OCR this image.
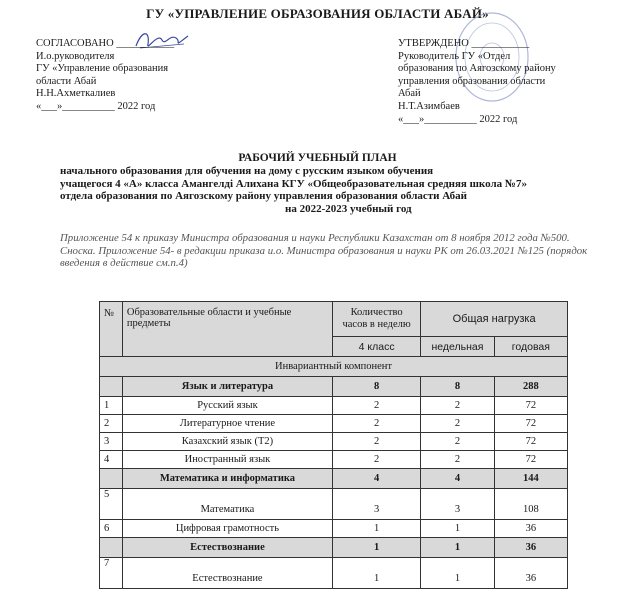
ГУ «УПРАВЛЕНИЕ ОБРАЗОВАНИЯ ОБЛАСТИ АБАЙ»
СОГЛАСОВАНО ___________
И.о.руководителя
ГУ «Управление образования
области Абай
Н.Н.Ахметкалиев
«___»__________ 2022 год
УТВЕРЖДЕНО ___________
Руководитель ГУ «Отдел
образования по Аягозскому району
управления образования области
Абай
Н.Т.Азимбаев
«___»__________ 2022 год
РАБОЧИЙ УЧЕБНЫЙ ПЛАН
начального образования для обучения на дому с русским языком обучения
учащегося 4 «А» класса Амангелді Алихана КГУ «Общеобразовательная средняя школа №7»
отдела образования по Аягозскому району управления образования области Абай
на 2022-2023 учебный год
Приложение 54 к приказу Министра образования и науки Республики Казахстан от 8 ноября 2012 года №500. Сноска. Приложение 54- в редакции приказа и.о. Министра образования и науки РК от 26.03.2021 №125 (порядок введения в действие см.п.4)
№	Образовательные области и учебные предметы	Количество часов в неделю	Общая нагрузка	
		4 класс	недельная	годовая
Инвариантный компонент				
	Язык и литература	8	8	288
1	Русский язык	2	2	72
2	Литературное чтение	2	2	72
3	Казахский язык (Т2)	2	2	72
4	Иностранный язык	2	2	72
	Математика и информатика	4	4	144
5	Математика	3	3	108
6	Цифровая грамотность	1	1	36
	Естествознание	1	1	36
7	Естествознание	1	1	36
